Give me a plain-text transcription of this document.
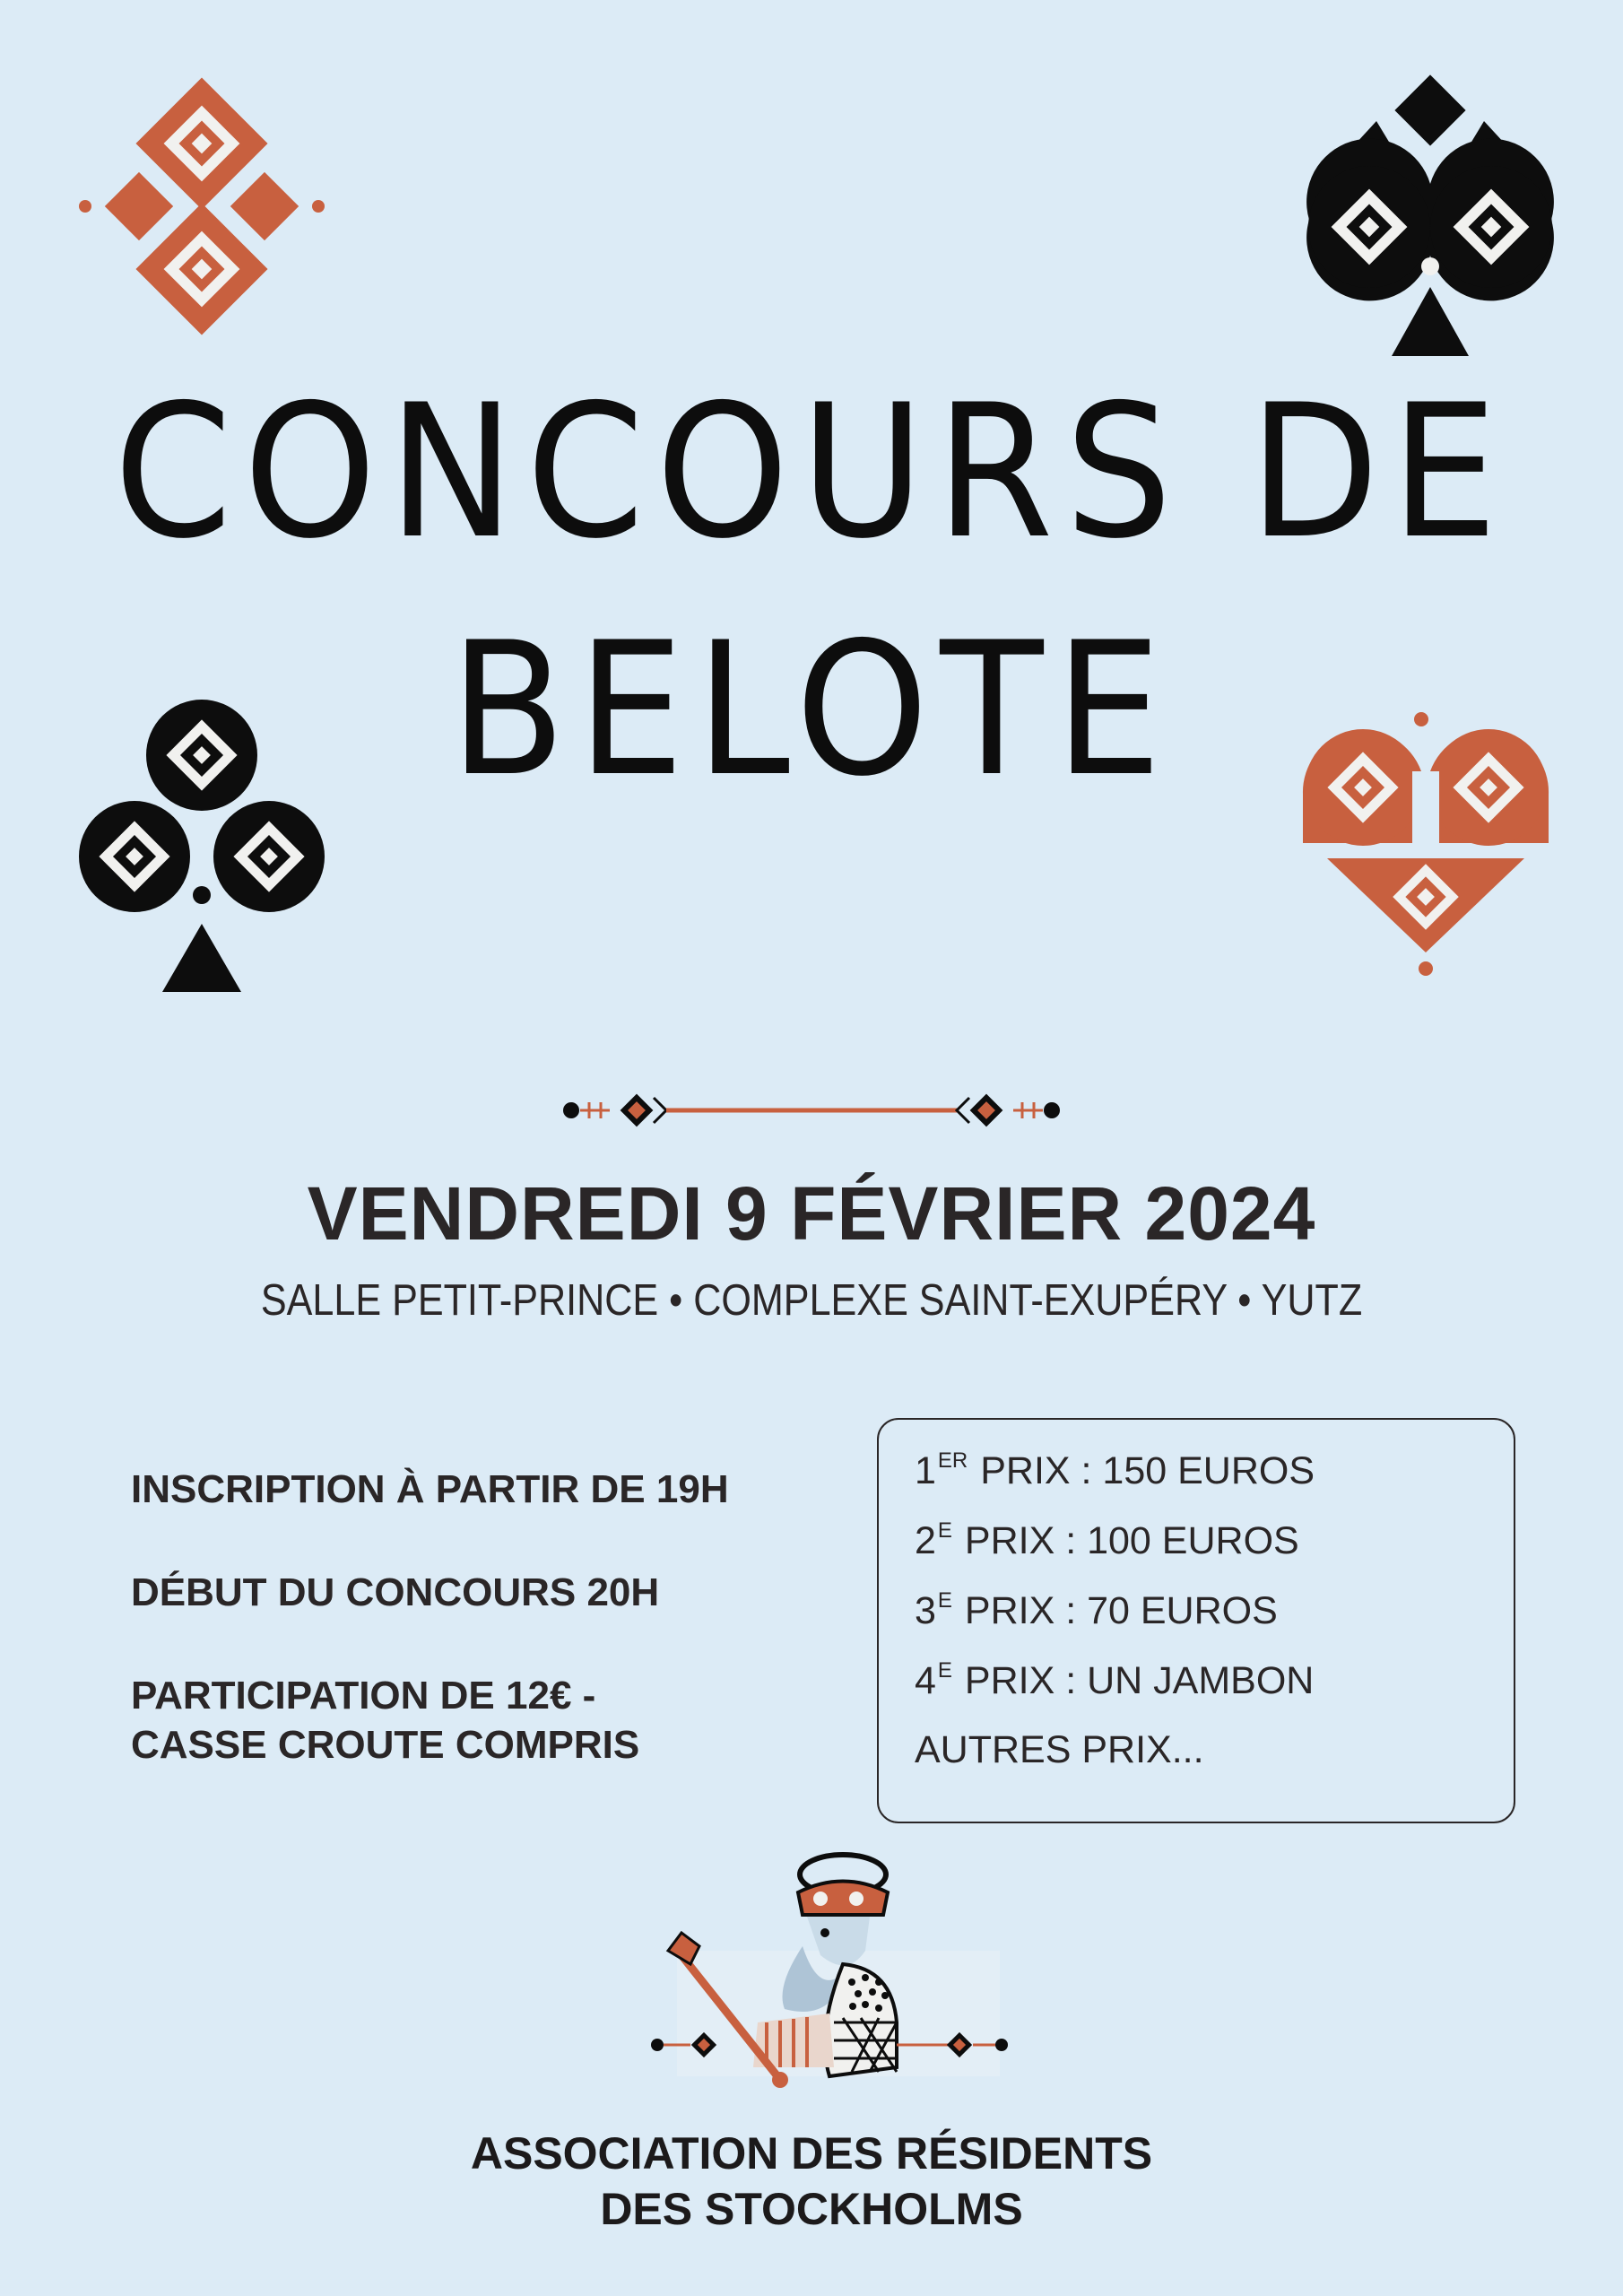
CONCOURS DE
BELOTE
VENDREDI 9 FÉVRIER 2024
SALLE PETIT-PRINCE • COMPLEXE SAINT-EXUPÉRY • YUTZ
INSCRIPTION À PARTIR DE 19H
DÉBUT DU CONCOURS 20H
PARTICIPATION DE 12€ -
CASSE CROUTE COMPRIS
1ER PRIX : 150 EUROS
$2^E$ PRIX : 100 EUROS
$3^E$ PRIX : 70 EUROS
$4^E$ PRIX : UN JAMBON
AUTRES PRIX...
ASSOCIATION DES RÉSIDENTS
DES STOCKHOLMS
